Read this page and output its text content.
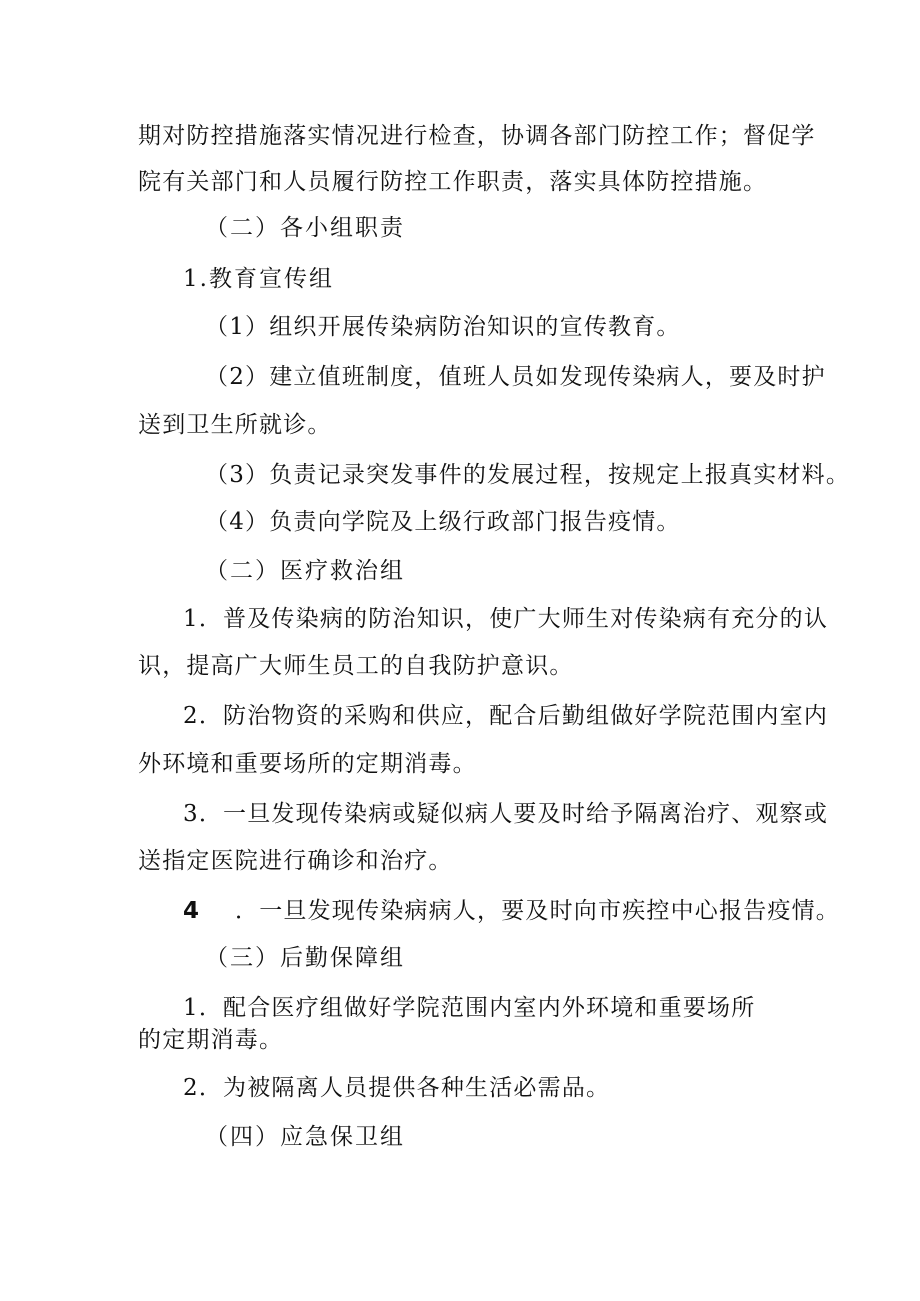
期对防控措施落实情况进行检查，协调各部门防控工作；督促学
院有关部门和人员履行防控工作职责，落实具体防控措施。
（二）各小组职责
1.教育宣传组
（1）组织开展传染病防治知识的宣传教育。
（2）建立值班制度，值班人员如发现传染病人，要及时护
送到卫生所就诊。
（3）负责记录突发事件的发展过程，按规定上报真实材料。
（4）负责向学院及上级行政部门报告疫情。
（二）医疗救治组
1．普及传染病的防治知识，使广大师生对传染病有充分的认
识，提高广大师生员工的自我防护意识。
2．防治物资的采购和供应，配合后勤组做好学院范围内室内
外环境和重要场所的定期消毒。
3．一旦发现传染病或疑似病人要及时给予隔离治疗、观察或
送指定医院进行确诊和治疗。
4 ．一旦发现传染病病人，要及时向市疾控中心报告疫情。
（三）后勤保障组
1．配合医疗组做好学院范围内室内外环境和重要场所
的定期消毒。
2．为被隔离人员提供各种生活必需品。
（四）应急保卫组
